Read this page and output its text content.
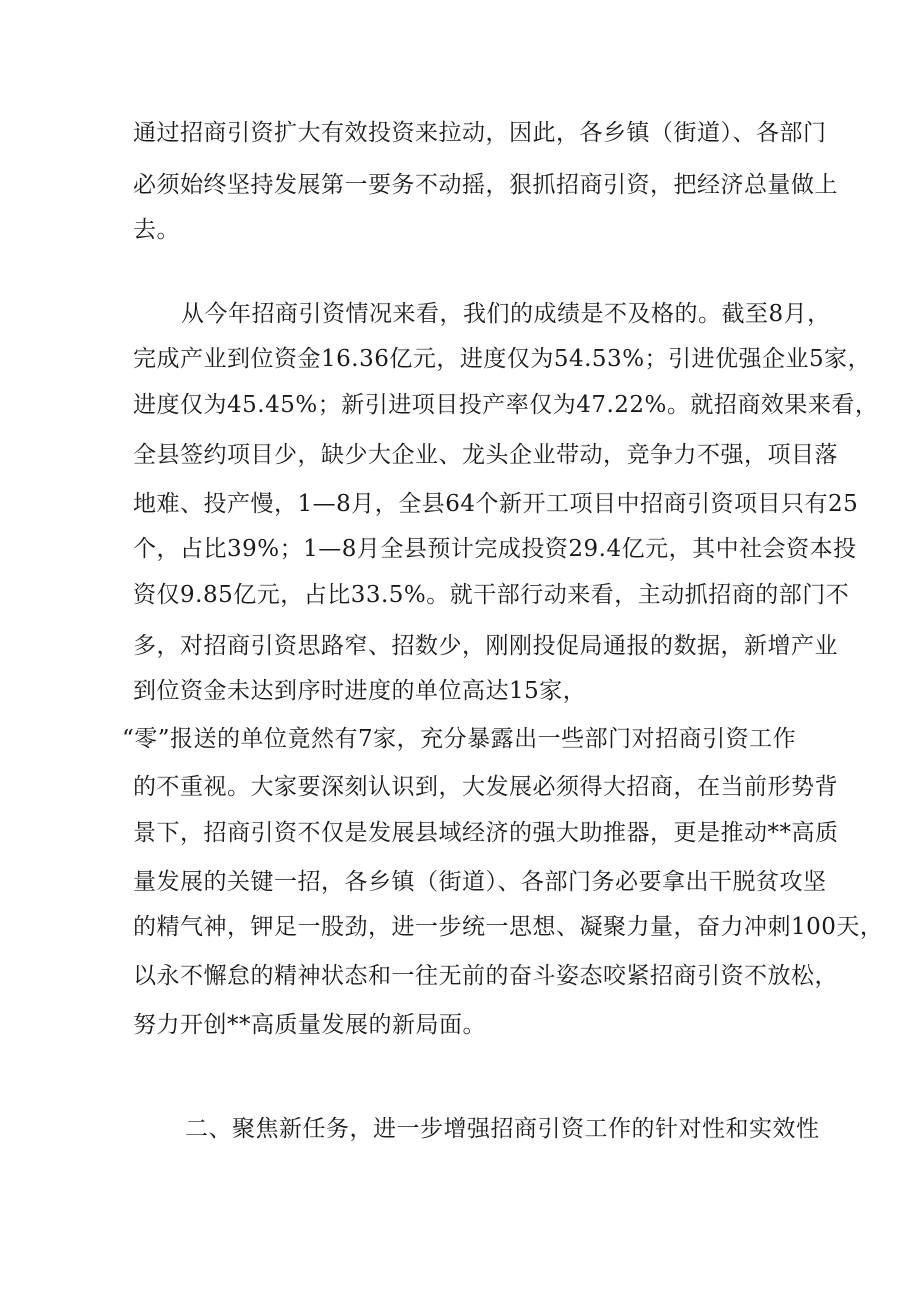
通过招商引资扩大有效投资来拉动，因此，各乡镇（街道）、各部门
必须始终坚持发展第一要务不动摇，狠抓招商引资，把经济总量做上
去。
从今年招商引资情况来看，我们的成绩是不及格的。截至8月，
完成产业到位资金16.36亿元，进度仅为54.53%；引进优强企业5家，
进度仅为45.45%；新引进项目投产率仅为47.22%。就招商效果来看，
全县签约项目少，缺少大企业、龙头企业带动，竞争力不强，项目落
地难、投产慢，1—8月，全县64个新开工项目中招商引资项目只有25
个，占比39%；1—8月全县预计完成投资29.4亿元，其中社会资本投
资仅9.85亿元，占比33.5%。就干部行动来看，主动抓招商的部门不
多，对招商引资思路窄、招数少，刚刚投促局通报的数据，新增产业
到位资金未达到序时进度的单位高达15家，
“零”报送的单位竟然有7家，充分暴露出一些部门对招商引资工作
的不重视。大家要深刻认识到，大发展必须得大招商，在当前形势背
景下，招商引资不仅是发展县域经济的强大助推器，更是推动**高质
量发展的关键一招，各乡镇（街道）、各部门务必要拿出干脱贫攻坚
的精气神，钾足一股劲，进一步统一思想、凝聚力量，奋力冲刺100天，
以永不懈怠的精神状态和一往无前的奋斗姿态咬紧招商引资不放松，
努力开创**高质量发展的新局面。
二、聚焦新任务，进一步增强招商引资工作的针对性和实效性
